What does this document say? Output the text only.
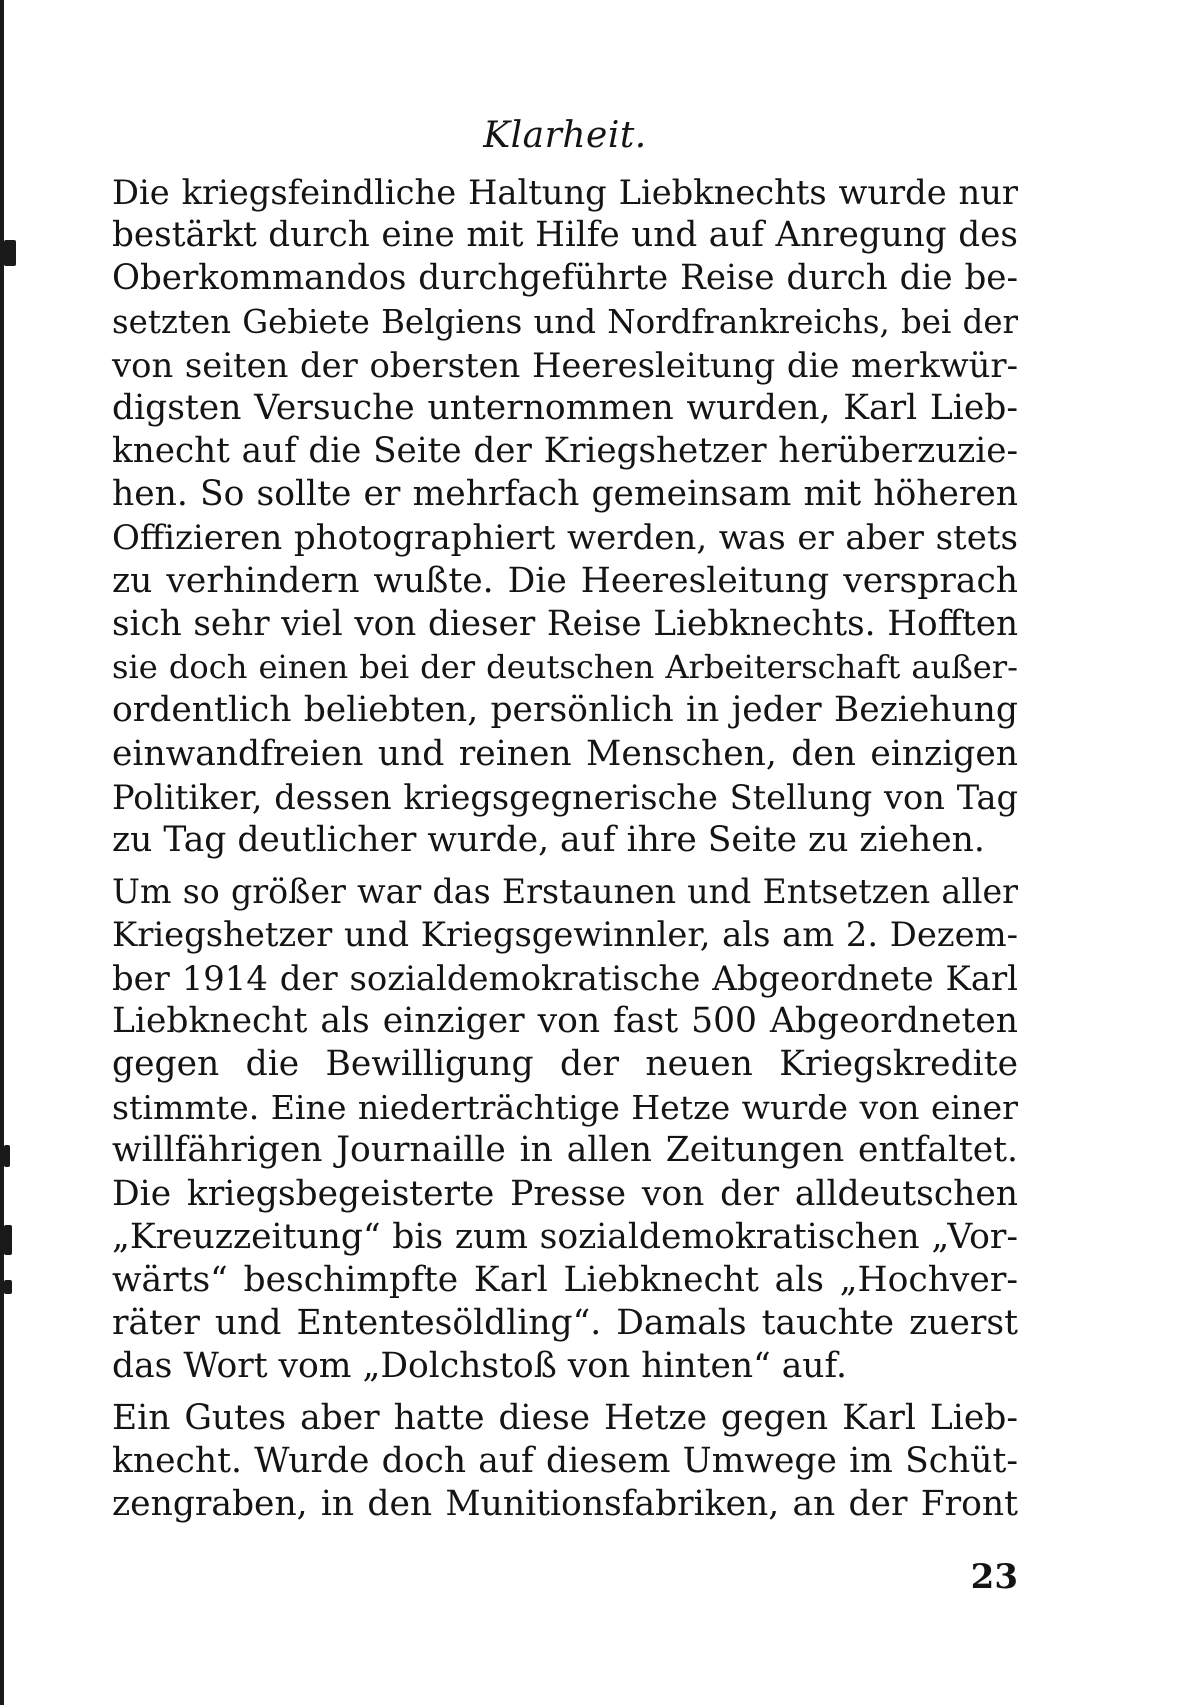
Klarheit.

Die kriegsfeindliche Haltung Liebknechts wurde nur
bestärkt durch eine mit Hilfe und auf Anregung des
Oberkommandos durchgeführte Reise durch die be-
setzten Gebiete Belgiens und Nordfrankreichs, bei der
von seiten der obersten Heeresleitung die merkwür-
digsten Versuche unternommen wurden, Karl Lieb-
knecht auf die Seite der Kriegshetzer herüberzuzie-
hen. So sollte er mehrfach gemeinsam mit höheren
Offizieren photographiert werden, was er aber stets
zu verhindern wußte. Die Heeresleitung versprach
sich sehr viel von dieser Reise Liebknechts. Hofften
sie doch einen bei der deutschen Arbeiterschaft außer-
ordentlich beliebten, persönlich in jeder Beziehung
einwandfreien und reinen Menschen, den einzigen
Politiker, dessen kriegsgegnerische Stellung von Tag
zu Tag deutlicher wurde, auf ihre Seite zu ziehen.

Um so größer war das Erstaunen und Entsetzen aller
Kriegshetzer und Kriegsgewinnler, als am 2. Dezem-
ber 1914 der sozialdemokratische Abgeordnete Karl
Liebknecht als einziger von fast 500 Abgeordneten
gegen die Bewilligung der neuen Kriegskredite
stimmte. Eine niederträchtige Hetze wurde von einer
willfährigen Journaille in allen Zeitungen entfaltet.
Die kriegsbegeisterte Presse von der alldeutschen
„Kreuzzeitung“ bis zum sozialdemokratischen „Vor-
wärts“ beschimpfte Karl Liebknecht als „Hochver-
räter und Ententesöldling“. Damals tauchte zuerst
das Wort vom „Dolchstoß von hinten“ auf.

Ein Gutes aber hatte diese Hetze gegen Karl Lieb-
knecht. Wurde doch auf diesem Umwege im Schüt-
zengraben, in den Munitionsfabriken, an der Front

23
